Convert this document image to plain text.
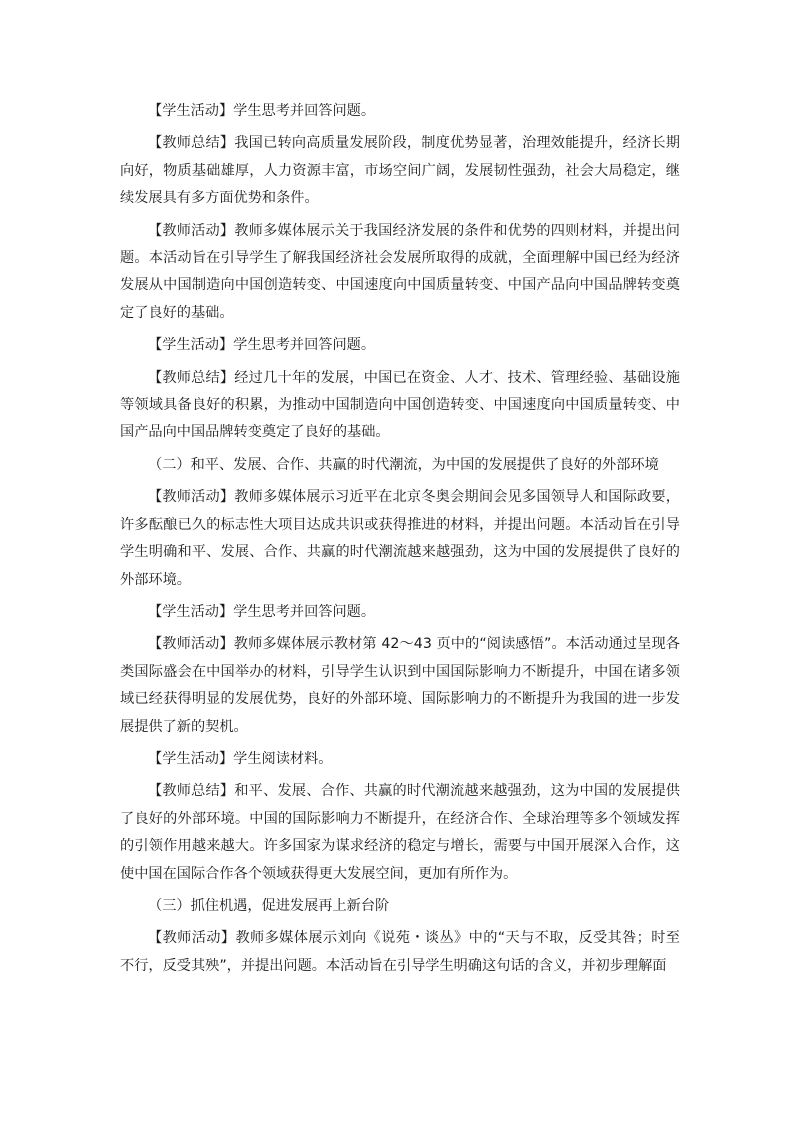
【学生活动】学生思考并回答问题。

【教师总结】我国已转向高质量发展阶段，制度优势显著，治理效能提升，经济长期向好，物质基础雄厚，人力资源丰富，市场空间广阔，发展韧性强劲，社会大局稳定，继续发展具有多方面优势和条件。

【教师活动】教师多媒体展示关于我国经济发展的条件和优势的四则材料，并提出问题。本活动旨在引导学生了解我国经济社会发展所取得的成就，全面理解中国已经为经济发展从中国制造向中国创造转变、中国速度向中国质量转变、中国产品向中国品牌转变奠定了良好的基础。

【学生活动】学生思考并回答问题。

【教师总结】经过几十年的发展，中国已在资金、人才、技术、管理经验、基础设施等领域具备良好的积累，为推动中国制造向中国创造转变、中国速度向中国质量转变、中国产品向中国品牌转变奠定了良好的基础。

（二）和平、发展、合作、共赢的时代潮流，为中国的发展提供了良好的外部环境

【教师活动】教师多媒体展示习近平在北京冬奥会期间会见多国领导人和国际政要，许多酝酿已久的标志性大项目达成共识或获得推进的材料，并提出问题。本活动旨在引导学生明确和平、发展、合作、共赢的时代潮流越来越强劲，这为中国的发展提供了良好的外部环境。

【学生活动】学生思考并回答问题。

【教师活动】教师多媒体展示教材第 42～43 页中的“阅读感悟”。本活动通过呈现各类国际盛会在中国举办的材料，引导学生认识到中国国际影响力不断提升，中国在诸多领域已经获得明显的发展优势，良好的外部环境、国际影响力的不断提升为我国的进一步发展提供了新的契机。

【学生活动】学生阅读材料。

【教师总结】和平、发展、合作、共赢的时代潮流越来越强劲，这为中国的发展提供了良好的外部环境。中国的国际影响力不断提升，在经济合作、全球治理等多个领域发挥的引领作用越来越大。许多国家为谋求经济的稳定与增长，需要与中国开展深入合作，这使中国在国际合作各个领域获得更大发展空间，更加有所作为。

（三）抓住机遇，促进发展再上新台阶

【教师活动】教师多媒体展示刘向《说苑・谈丛》中的“天与不取，反受其咎；时至不行，反受其殃”，并提出问题。本活动旨在引导学生明确这句话的含义，并初步理解面
